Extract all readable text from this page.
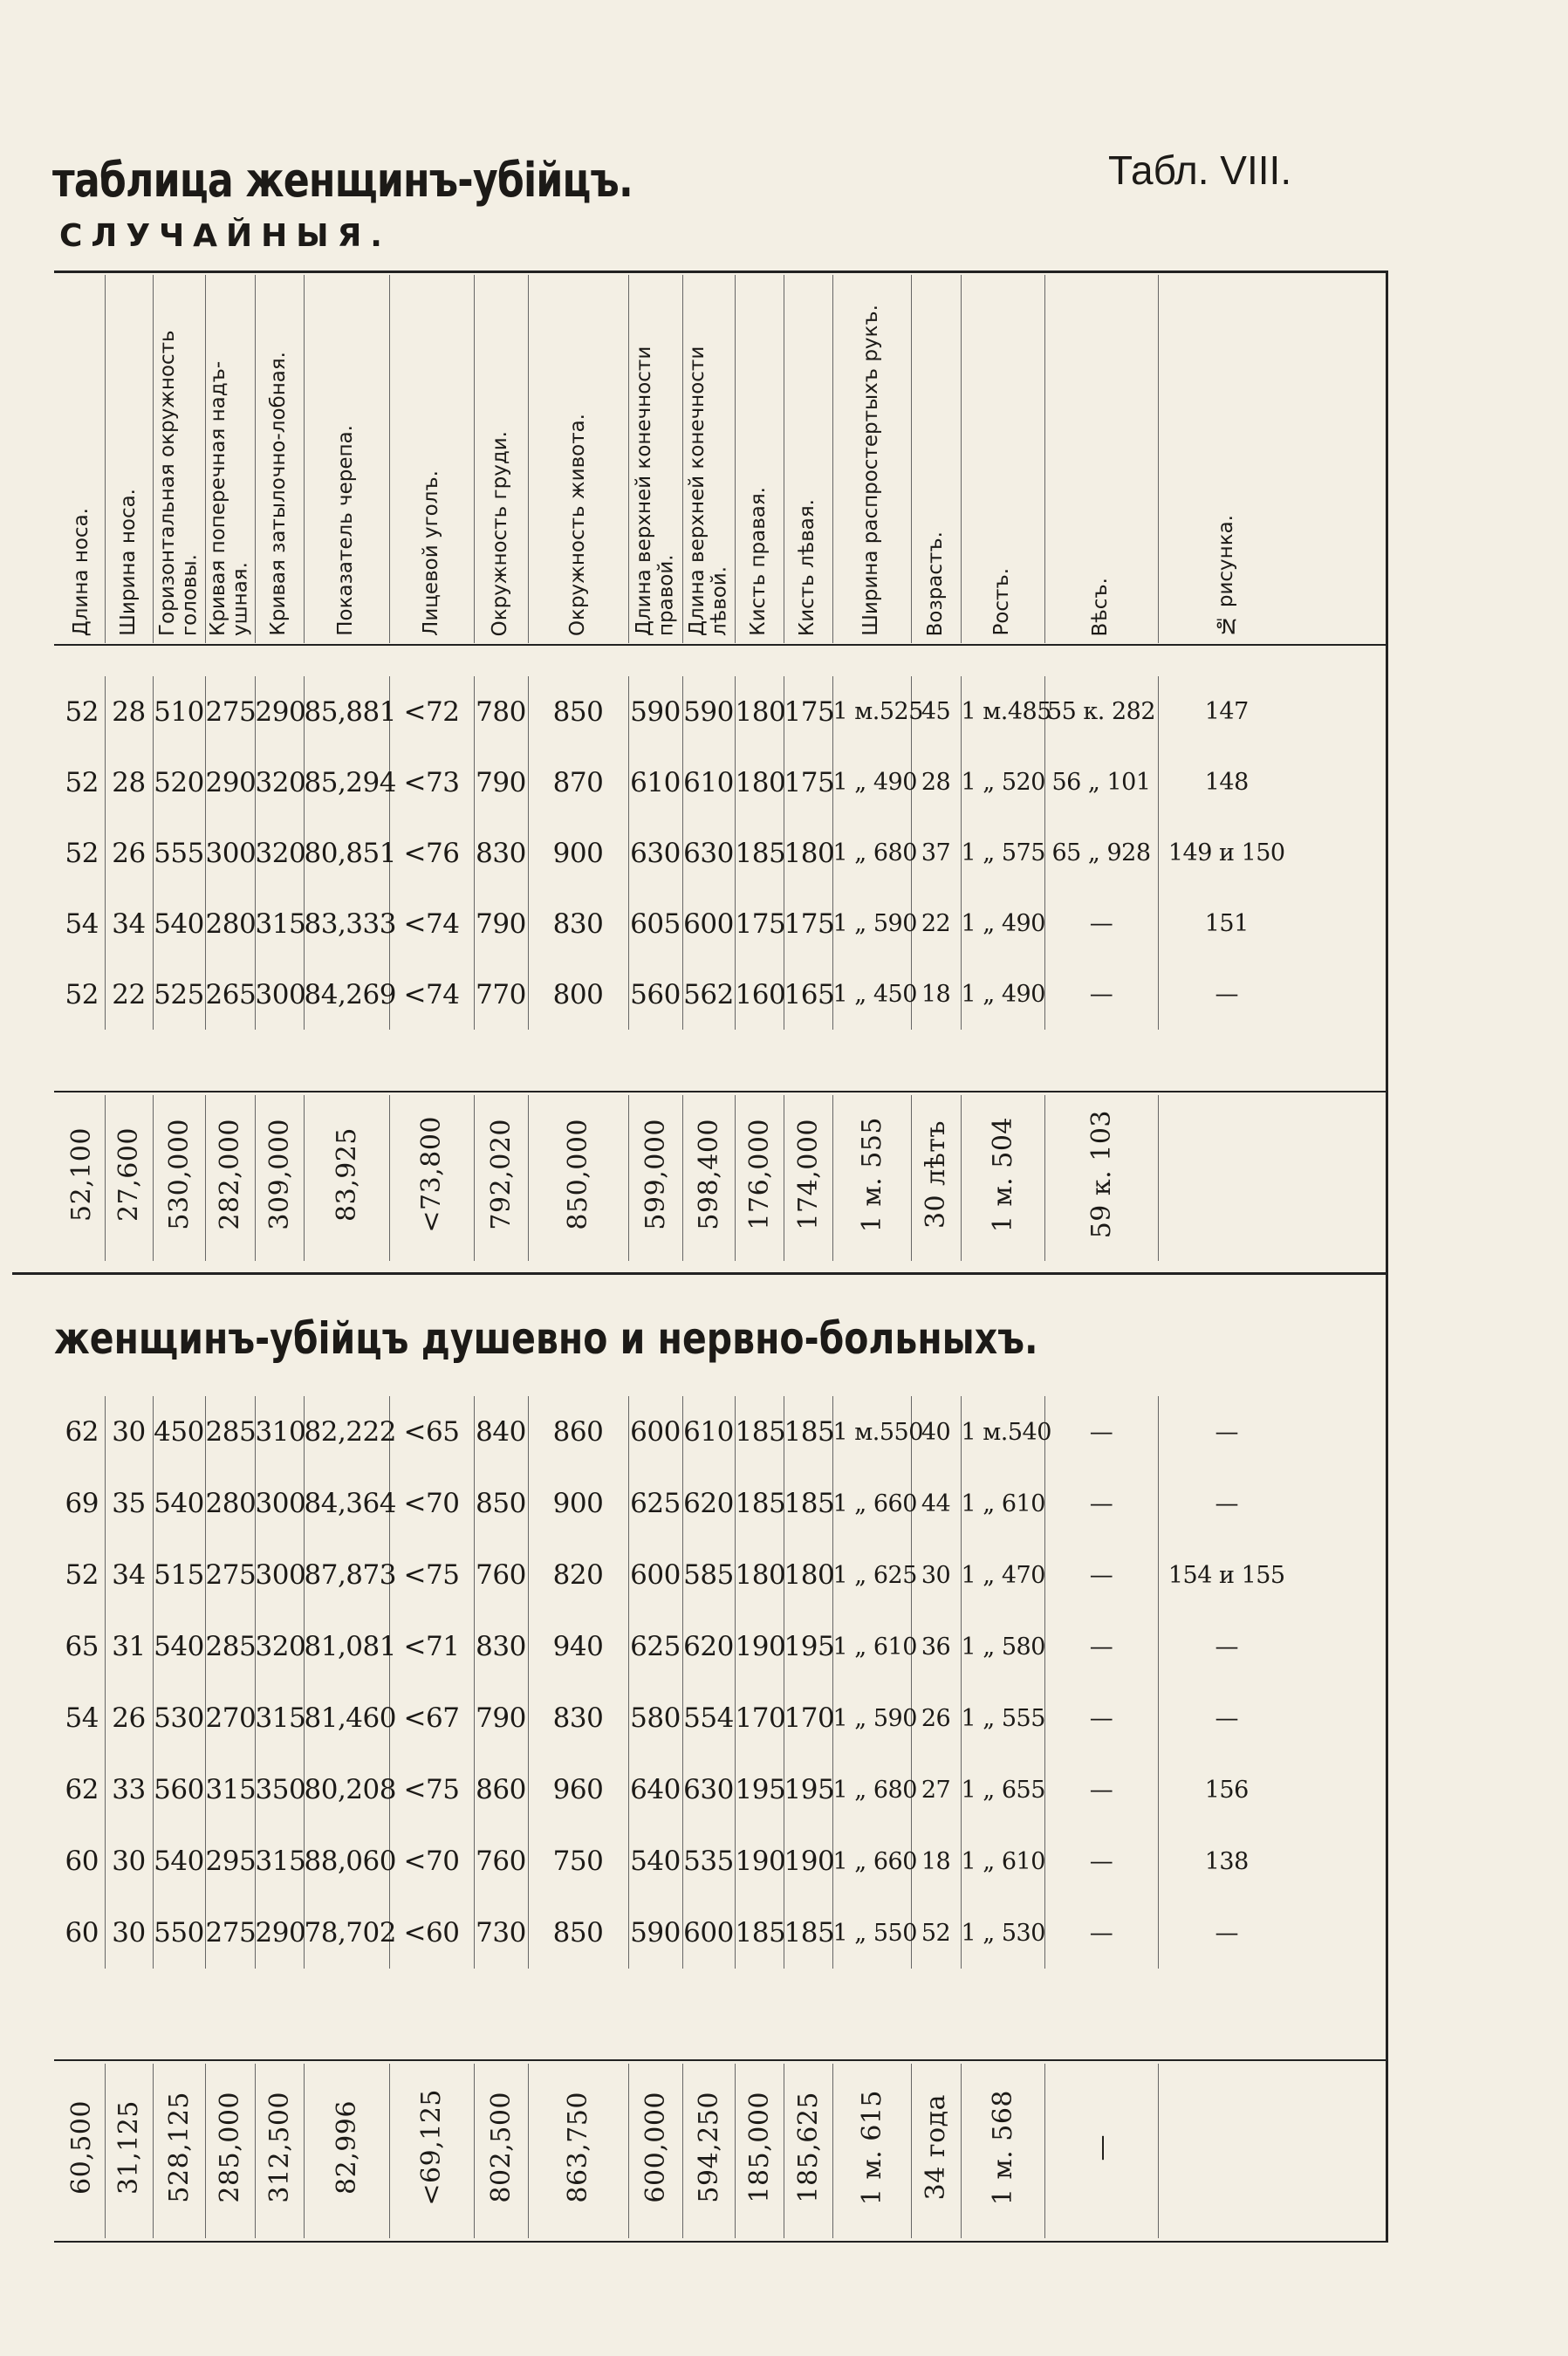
таблица женщинъ-убійцъ.
СЛУЧАЙНЫЯ.
Табл. VIII.
женщинъ-убійцъ душевно и нервно-больныхъ.
Длина носа.	Ширина носа.	Горизонтальная окружность головы.	Кривая поперечная надъ-ушная.	Кривая затылочно-лобная.	Показатель черепа.	Лицевой уголъ.	Окружность груди.	Окружность живота.	Длина верхней конечности правой.	Длина верхней конечности лѣвой.	Кисть правая.	Кисть лѣвая.	Ширина распростертыхъ рукъ.	Возрастъ.	Ростъ.	Вѣсъ.	№ рисунка.
52	28	510	275	290	85,881	<72	780	850	590	590	180	175	1 м.525	45	1 м.485	55 к. 282	147
52	28	520	290	320	85,294	<73	790	870	610	610	180	175	1 „ 490	28	1 „ 520	56 „ 101	148
52	26	555	300	320	80,851	<76	830	900	630	630	185	180	1 „ 680	37	1 „ 575	65 „ 928	149 и 150
54	34	540	280	315	83,333	<74	790	830	605	600	175	175	1 „ 590	22	1 „ 490	—	151
52	22	525	265	300	84,269	<74	770	800	560	562	160	165	1 „ 450	18	1 „ 490	—	—
52,100	27,600	530,000	282,000	309,000	83,925	<73,800	792,020	850,000	599,000	598,400	176,000	174,000	1 м. 555	30 лѣтъ	1 м. 504	59 к. 103	
62	30	450	285	310	82,222	<65	840	860	600	610	185	185	1 м.550	40	1 м.540	—	—
69	35	540	280	300	84,364	<70	850	900	625	620	185	185	1 „ 660	44	1 „ 610	—	—
52	34	515	275	300	87,873	<75	760	820	600	585	180	180	1 „ 625	30	1 „ 470	—	154 и 155
65	31	540	285	320	81,081	<71	830	940	625	620	190	195	1 „ 610	36	1 „ 580	—	—
54	26	530	270	315	81,460	<67	790	830	580	554	170	170	1 „ 590	26	1 „ 555	—	—
62	33	560	315	350	80,208	<75	860	960	640	630	195	195	1 „ 680	27	1 „ 655	—	156
60	30	540	295	315	88,060	<70	760	750	540	535	190	190	1 „ 660	18	1 „ 610	—	138
60	30	550	275	290	78,702	<60	730	850	590	600	185	185	1 „ 550	52	1 „ 530	—	—
60,500	31,125	528,125	285,000	312,500	82,996	<69,125	802,500	863,750	600,000	594,250	185,000	185,625	1 м. 615	34 года	1 м. 568	—	
